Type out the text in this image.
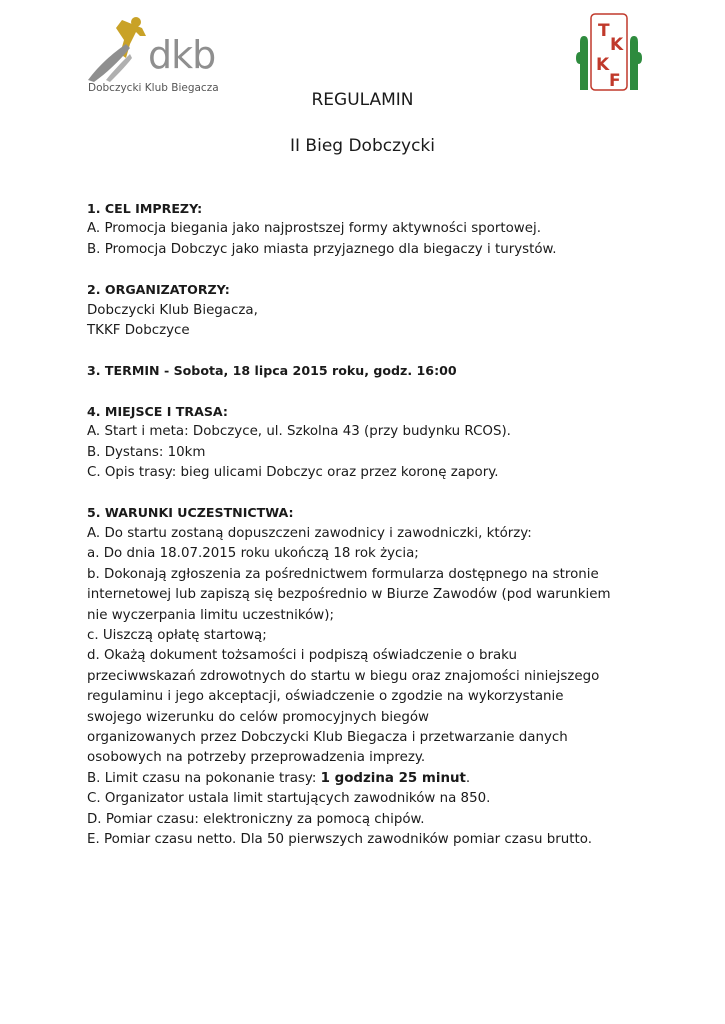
dkb
Dobczycki Klub Biegacza
T
K
K
F
REGULAMIN
II Bieg Dobczycki

1. CEL IMPREZY:

A. Promocja biegania jako najprostszej formy aktywności sportowej.

B. Promocja Dobczyc jako miasta przyjaznego dla biegaczy i turystów.

2. ORGANIZATORZY:

Dobczycki Klub Biegacza,

TKKF Dobczyce

3. TERMIN - Sobota, 18 lipca 2015 roku, godz. 16:00

4. MIEJSCE I TRASA:

A. Start i meta: Dobczyce, ul. Szkolna 43 (przy budynku RCOS).

B. Dystans: 10km

C. Opis trasy: bieg ulicami Dobczyc oraz przez koronę zapory.

5. WARUNKI UCZESTNICTWA:

A. Do startu zostaną dopuszczeni zawodnicy i zawodniczki, którzy:

a. Do dnia 18.07.2015 roku ukończą 18 rok życia;

b. Dokonają zgłoszenia za pośrednictwem formularza dostępnego na stronie

internetowej lub zapiszą się bezpośrednio w Biurze Zawodów (pod warunkiem

nie wyczerpania limitu uczestników);

c. Uiszczą opłatę startową;

d. Okażą dokument tożsamości i podpiszą oświadczenie o braku

przeciwwskazań zdrowotnych do startu w biegu oraz znajomości niniejszego

regulaminu i jego akceptacji, oświadczenie o zgodzie na wykorzystanie

swojego wizerunku do celów promocyjnych biegów

organizowanych przez Dobczycki Klub Biegacza i przetwarzanie danych

osobowych na potrzeby przeprowadzenia imprezy.

B. Limit czasu na pokonanie trasy: 1 godzina 25 minut.

C. Organizator ustala limit startujących zawodników na 850.

D. Pomiar czasu: elektroniczny za pomocą chipów.

E. Pomiar czasu netto. Dla 50 pierwszych zawodników pomiar czasu brutto.
